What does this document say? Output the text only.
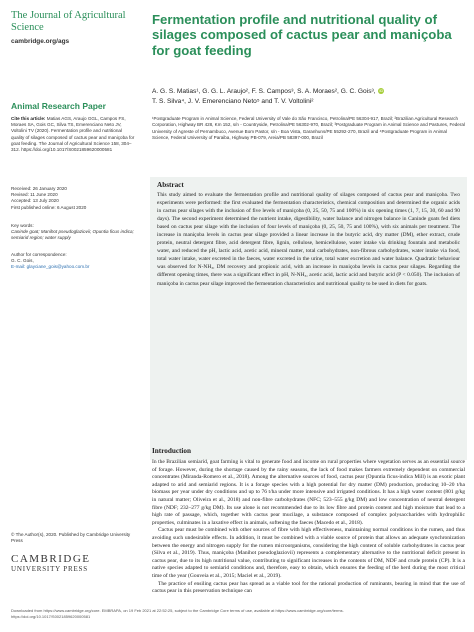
The Journal of Agricultural Science
cambridge.org/ags
Animal Research Paper
Cite this article: Matias AGS, Araujo GGL, Campos FS, Moraes SA, Gois GC, Silva TS, Emerenciano Neto JV, Voltolini TV (2020). Fermentation profile and nutritional quality of silages composed of cactus pear and maniçoba for goat feeding. The Journal of Agricultural Science 158, 304–312. https://doi.org/10.1017/S0021859620000581
Received: 26 January 2020
Revised: 11 June 2020
Accepted: 13 July 2020
First published online: 6 August 2020
Key words:
Caninde goat; Manihot pseudoglaziovii; Opuntia ficus indica; semiarid region; water supply
Author for correspondence:
G. C. Gois,
E-mail: glayciane_gois@yahoo.com.br
© The Author(s), 2020. Published by Cambridge University Press
CAMBRIDGE
UNIVERSITY PRESS
Fermentation profile and nutritional quality of silages composed of cactus pear and maniçoba for goat feeding
A. G. S. Matias¹, G. G. L. Araujo², F. S. Campos³, S. A. Moraes², G. C. Gois³, iD
T. S. Silva⁴, J. V. Emerenciano Neto⁵ and T. V. Voltolini²
¹Postgraduate Program in Animal Science, Federal University of Vale do São Francisco, Petrolina/PE 56304-917, Brazil; ²Brazilian Agricultural Research Corporation, Highway BR 428, Km 152, s/n - Countryside, Petrolina/PE 56302-970, Brazil; ³Postgraduate Program in Animal Science and Pastures, Federal University of Agreste of Pernambuco, Avenue Bom Pastor, s/n - Boa Vista, Garanhuns/PE 55292-270, Brazil and ⁴Postgraduate Program in Animal Science, Federal University of Paraiba, Highway PB-079, Areia/PB 58397-000, Brazil
Abstract
This study aimed to evaluate the fermentation profile and nutritional quality of silages composed of cactus pear and maniçoba. Two experiments were performed: the first evaluated the fermentation characteristics, chemical composition and determined the organic acids in cactus pear silages with the inclusion of five levels of maniçoba (0, 25, 50, 75 and 100%) in six opening times (1, 7, 15, 30, 60 and 90 days). The second experiment determined the nutrient intake, digestibility, water balance and nitrogen balance in Caninde goats fed diets based on cactus pear silage with the inclusion of four levels of maniçoba (0, 25, 50, 75 and 100%), with six animals per treatment. The increase in maniçoba levels in cactus pear silage provided a linear increase in the butyric acid, dry matter (DM), ether extract, crude protein, neutral detergent fibre, acid detergent fibre, lignin, cellulose, hemicellulose, water intake via drinking fountain and metabolic water, and reduced the pH, lactic acid, acetic acid, mineral matter, total carbohydrates, non-fibrous carbohydrates, water intake via food, total water intake, water excreted in the faeces, water excreted in the urine, total water excretion and water balance. Quadratic behaviour was observed for N-NH₃, DM recovery and propionic acid, with an increase in maniçoba levels in cactus pear silages. Regarding the different opening times, there was a significant effect in pH, N-NH₃, acetic acid, lactic acid and butyric acid (P < 0.050). The inclusion of maniçoba in cactus pear silage improved the fermentation characteristics and nutritional quality to be used in diets for goats.
Introduction

In the Brazilian semiarid, goat farming is vital to generate food and income on rural properties where vegetation serves as an essential source of forage. However, during the shortage caused by the rainy seasons, the lack of food makes farmers extremely dependent on commercial concentrates (Miranda-Romero et al., 2018). Among the alternative sources of food, cactus pear (Opuntia ficus-indica Mill) is an exotic plant adapted to arid and semiarid regions. It is a forage species with a high potential for dry matter (DM) production, producing 10–20 t/ha biomass per year under dry conditions and up to 76 t/ha under more intensive and irrigated conditions. It has a high water content (801 g/kg in natural matter; Oliveira et al., 2018) and non-fibre carbohydrates (NFC; 523–555 g/kg DM) and low concentration of neutral detergent fibre (NDF; 232–277 g/kg DM). Its use alone is not recommended due to its low fibre and protein content and high moisture that lead to a high rate of passage, which, together with cactus pear mucilage, a substance composed of complex polysaccharides with hydrophilic properties, culminates in a laxative effect in animals, softening the faeces (Macedo et al., 2018).

Cactus pear must be combined with other sources of fibre with high effectiveness, maintaining normal conditions in the rumen, and thus avoiding such undesirable effects. In addition, it must be combined with a viable source of protein that allows an adequate synchronization between the energy and nitrogen supply for the rumen microorganisms, considering the high content of soluble carbohydrates in cactus pear (Silva et al., 2019). Thus, maniçoba (Manihot pseudoglaziovii) represents a complementary alternative to the nutritional deficit present in cactus pear, due to its high nutritional value, contributing to significant increases in the contents of DM, NDF and crude protein (CP). It is a native species adapted to semiarid conditions and, therefore, easy to obtain, which ensures the feeding of the herd during the most critical time of the year (Gouveia et al., 2015; Maciel et al., 2019).

The practice of ensiling cactus pear has spread as a viable tool for the rational production of ruminants, bearing in mind that the use of cactus pear in this preservation technique can

Downloaded from https://www.cambridge.org/core. EMBRAPA, on 19 Feb 2021 at 22:52:25, subject to the Cambridge Core terms of use, available at https://www.cambridge.org/core/terms.
https://doi.org/10.1017/S0021859620000581
